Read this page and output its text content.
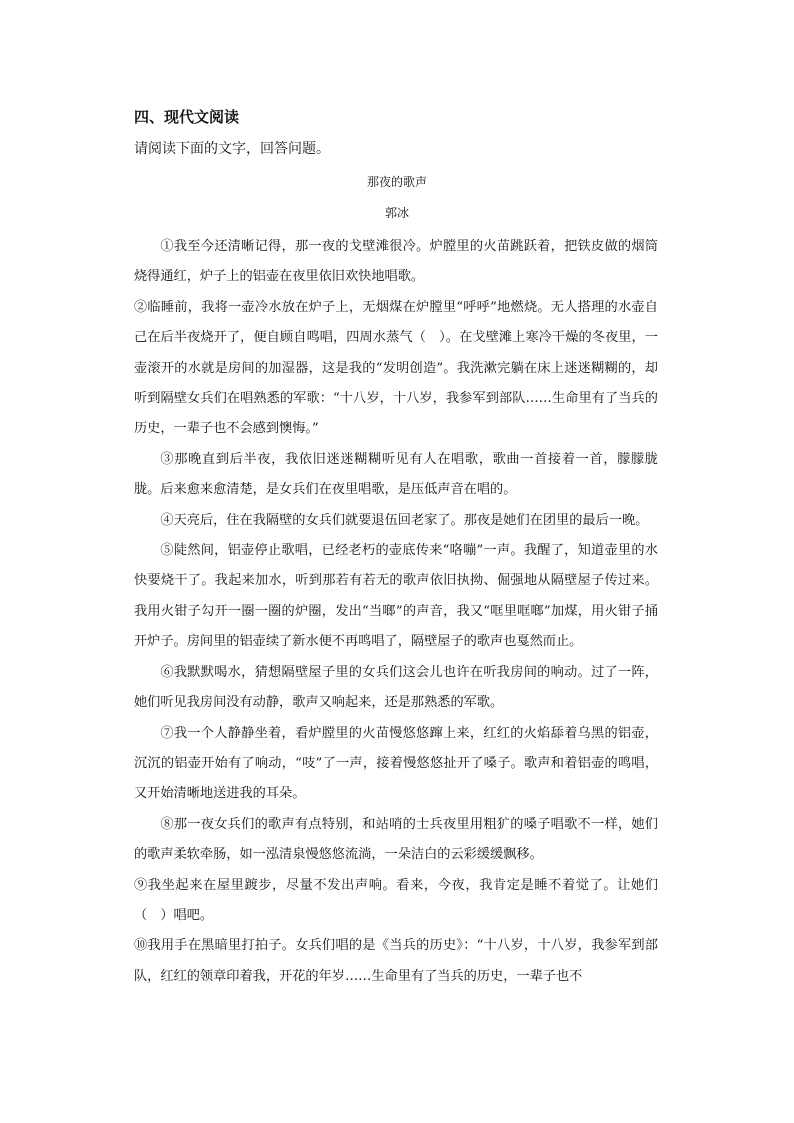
四、现代文阅读
请阅读下面的文字，回答问题。
那夜的歌声
郭冰

①我至今还清晰记得，那一夜的戈壁滩很冷。炉膛里的火苗跳跃着，把铁皮做的烟筒烧得通红，炉子上的铝壶在夜里依旧欢快地唱歌。

②临睡前，我将一壶冷水放在炉子上，无烟煤在炉膛里“呼呼”地燃烧。无人搭理的水壶自己在后半夜烧开了，便自顾自鸣唱，四周水蒸气（　）。在戈壁滩上寒冷干燥的冬夜里，一壶滚开的水就是房间的加湿器，这是我的“发明创造”。我洗漱完躺在床上迷迷糊糊的，却听到隔壁女兵们在唱熟悉的军歌：“十八岁，十八岁，我参军到部队……生命里有了当兵的历史，一辈子也不会感到懊悔。”

③那晚直到后半夜，我依旧迷迷糊糊听见有人在唱歌，歌曲一首接着一首，朦朦胧胧。后来愈来愈清楚，是女兵们在夜里唱歌，是压低声音在唱的。

④天亮后，住在我隔壁的女兵们就要退伍回老家了。那夜是她们在团里的最后一晚。

⑤陡然间，铝壶停止歌唱，已经老朽的壶底传来“咯嘣”一声。我醒了，知道壶里的水快要烧干了。我起来加水，听到那若有若无的歌声依旧执拗、倔强地从隔壁屋子传过来。我用火钳子勾开一圈一圈的炉圈，发出“当啷”的声音，我又“哐里哐啷”加煤，用火钳子捅开炉子。房间里的铝壶续了新水便不再鸣唱了，隔壁屋子的歌声也戛然而止。

⑥我默默喝水，猜想隔壁屋子里的女兵们这会儿也许在听我房间的响动。过了一阵，她们听见我房间没有动静，歌声又响起来，还是那熟悉的军歌。

⑦我一个人静静坐着，看炉膛里的火苗慢悠悠蹿上来，红红的火焰舔着乌黑的铝壶，沉沉的铝壶开始有了响动，“吱”了一声，接着慢悠悠扯开了嗓子。歌声和着铝壶的鸣唱，又开始清晰地送进我的耳朵。

⑧那一夜女兵们的歌声有点特别，和站哨的士兵夜里用粗犷的嗓子唱歌不一样，她们的歌声柔软牵肠，如一泓清泉慢悠悠流淌，一朵洁白的云彩缓缓飘移。

⑨我坐起来在屋里踱步，尽量不发出声响。看来，今夜，我肯定是睡不着觉了。让她们（　）唱吧。

⑩我用手在黑暗里打拍子。女兵们唱的是《当兵的历史》：“十八岁，十八岁，我参军到部队，红红的领章印着我，开花的年岁……生命里有了当兵的历史，一辈子也不
